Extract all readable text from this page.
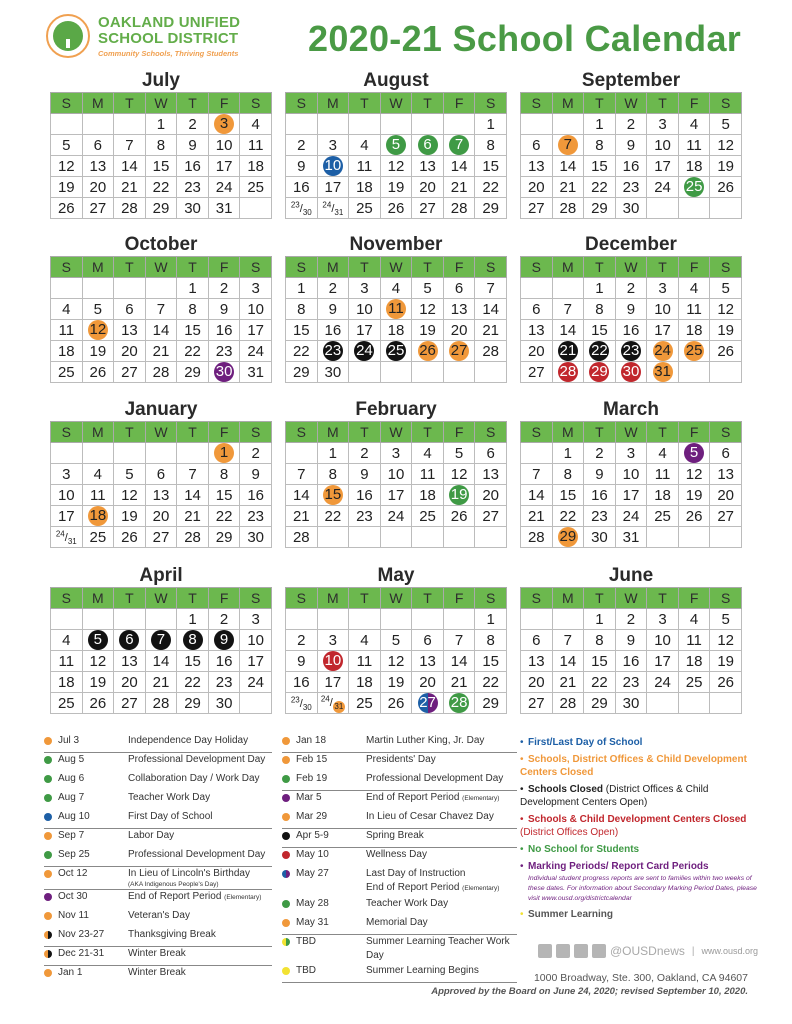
OAKLAND UNIFIED
SCHOOL DISTRICT
Community Schools, Thriving Students 2020-21 School Calendar
July
S	M	T	W	T	F	S
			1	2	3	4
5	6	7	8	9	10	11
12	13	14	15	16	17	18
19	20	21	22	23	24	25
26	27	28	29	30	31	
August
S	M	T	W	T	F	S
						1
2	3	4	5	6	7	8
9	10	11	12	13	14	15
16	17	18	19	20	21	22
$^{23}/_{30}$	$^{24}/_{31}$	25	26	27	28	29
September
S	M	T	W	T	F	S
		1	2	3	4	5
6	7	8	9	10	11	12
13	14	15	16	17	18	19
20	21	22	23	24	25	26
27	28	29	30			
October
S	M	T	W	T	F	S
				1	2	3
4	5	6	7	8	9	10
11	12	13	14	15	16	17
18	19	20	21	22	23	24
25	26	27	28	29	30	31
November
S	M	T	W	T	F	S
1	2	3	4	5	6	7
8	9	10	11	12	13	14
15	16	17	18	19	20	21
22	23	24	25	26	27	28
29	30					
December
S	M	T	W	T	F	S
		1	2	3	4	5
6	7	8	9	10	11	12
13	14	15	16	17	18	19
20	21	22	23	24	25	26
27	28	29	30	31		
January
S	M	T	W	T	F	S
					1	2
3	4	5	6	7	8	9
10	11	12	13	14	15	16
17	18	19	20	21	22	23
$^{24}/_{31}$	25	26	27	28	29	30
February
S	M	T	W	T	F	S
	1	2	3	4	5	6
7	8	9	10	11	12	13
14	15	16	17	18	19	20
21	22	23	24	25	26	27
28						
March
S	M	T	W	T	F	S
	1	2	3	4	5	6
7	8	9	10	11	12	13
14	15	16	17	18	19	20
21	22	23	24	25	26	27
28	29	30	31			
April
S	M	T	W	T	F	S
				1	2	3
4	5	6	7	8	9	10
11	12	13	14	15	16	17
18	19	20	21	22	23	24
25	26	27	28	29	30	
May
S	M	T	W	T	F	S
						1
2	3	4	5	6	7	8
9	10	11	12	13	14	15
16	17	18	19	20	21	22
$^{23}/_{30}$	$^{24}$/ 31	25	26	27	28	29
June
S	M	T	W	T	F	S
		1	2	3	4	5
6	7	8	9	10	11	12
13	14	15	16	17	18	19
20	21	22	23	24	25	26
27	28	29	30			
Jul 3	Independence Day Holiday
Aug 5	Professional Development Day
Aug 6	Collaboration Day / Work Day
Aug 7	Teacher Work Day
Aug 10	First Day of School
Sep 7	Labor Day
Sep 25	Professional Development Day
Oct 12	In Lieu of Lincoln's Birthday
(AKA Indigenous People's Day)
Oct 30	End of Report Period (Elementary)
Nov 11	Veteran's Day
Nov 23-27	Thanksgiving Break
Dec 21-31	Winter Break
Jan 1	Winter Break
Jan 18	Martin Luther King, Jr. Day
Feb 15	Presidents' Day
Feb 19	Professional Development Day
Mar 5	End of Report Period (Elementary)
Mar 29	In Lieu of Cesar Chavez Day
Apr 5-9	Spring Break
May 10	Wellness Day
May 27	Last Day of Instruction
End of Report Period (Elementary)
May 28	Teacher Work Day
May 31	Memorial Day
TBD	Summer Learning Teacher Work Day
TBD	Summer Learning Begins
• First/Last Day of School
• Schools, District Offices & Child Development Centers Closed
• Schools Closed (District Offices & Child Development Centers Open)
• Schools & Child Development Centers Closed (District Offices Open)
• No School for Students
• Marking Periods/ Report Card Periods
Individual student progress reports are sent to families within two weeks of these dates. For information about Secondary Marking Period Dates, please visit www.ousd.org/districtcalendar
• Summer Learning
@OUSDnews | www.ousd.org
1000 Broadway, Ste. 300, Oakland, CA 94607
Approved by the Board on June 24, 2020; revised September 10, 2020.
